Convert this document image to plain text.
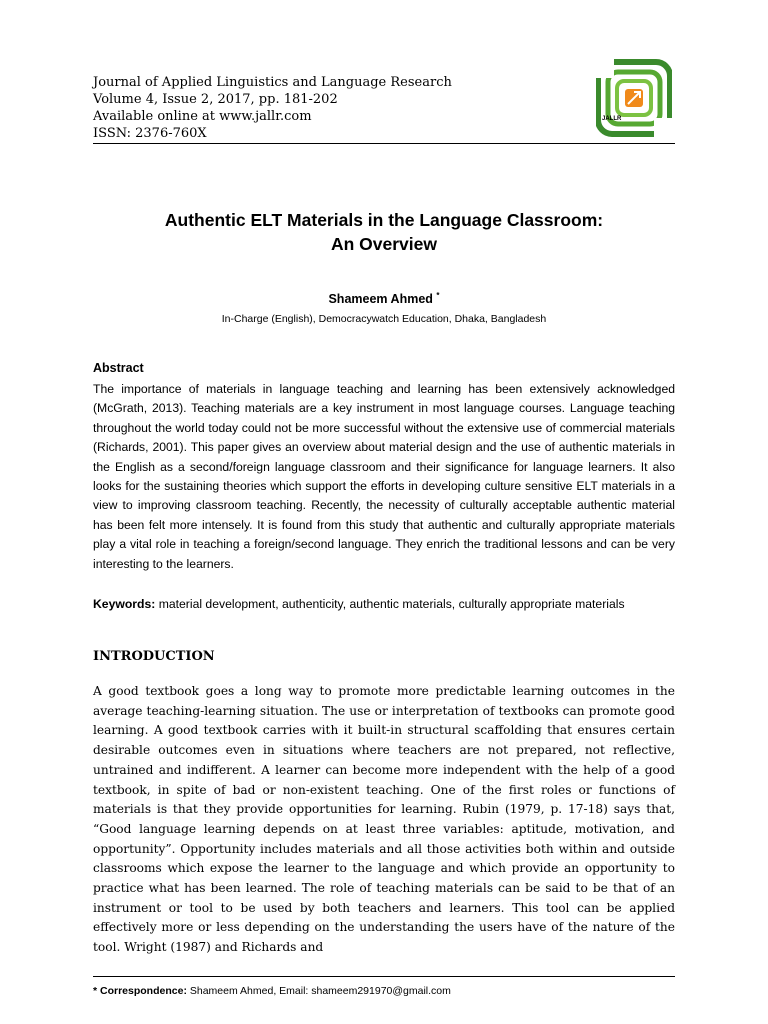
Journal of Applied Linguistics and Language Research
Volume 4, Issue 2, 2017, pp. 181-202
Available online at www.jallr.com
ISSN: 2376-760X
JALLR
Authentic ELT Materials in the Language Classroom:
An Overview
Shameem Ahmed *
In-Charge (English), Democracywatch Education, Dhaka, Bangladesh
Abstract
The importance of materials in language teaching and learning has been extensively acknowledged (McGrath, 2013). Teaching materials are a key instrument in most language courses. Language teaching throughout the world today could not be more successful without the extensive use of commercial materials (Richards, 2001). This paper gives an overview about material design and the use of authentic materials in the English as a second/foreign language classroom and their significance for language learners. It also looks for the sustaining theories which support the efforts in developing culture sensitive ELT materials in a view to improving classroom teaching. Recently, the necessity of culturally acceptable authentic material has been felt more intensely. It is found from this study that authentic and culturally appropriate materials play a vital role in teaching a foreign/second language. They enrich the traditional lessons and can be very interesting to the learners.
Keywords: material development, authenticity, authentic materials, culturally appropriate materials
INTRODUCTION
A good textbook goes a long way to promote more predictable learning outcomes in the average teaching-learning situation. The use or interpretation of textbooks can promote good learning. A good textbook carries with it built-in structural scaffolding that ensures certain desirable outcomes even in situations where teachers are not prepared, not reflective, untrained and indifferent. A learner can become more independent with the help of a good textbook, in spite of bad or non-existent teaching. One of the first roles or functions of materials is that they provide opportunities for learning. Rubin (1979, p. 17-18) says that, “Good language learning depends on at least three variables: aptitude, motivation, and opportunity”. Opportunity includes materials and all those activities both within and outside classrooms which expose the learner to the language and which provide an opportunity to practice what has been learned. The role of teaching materials can be said to be that of an instrument or tool to be used by both teachers and learners. This tool can be applied effectively more or less depending on the understanding the users have of the nature of the tool. Wright (1987) and Richards and
* Correspondence: Shameem Ahmed, Email: shameem291970@gmail.com
